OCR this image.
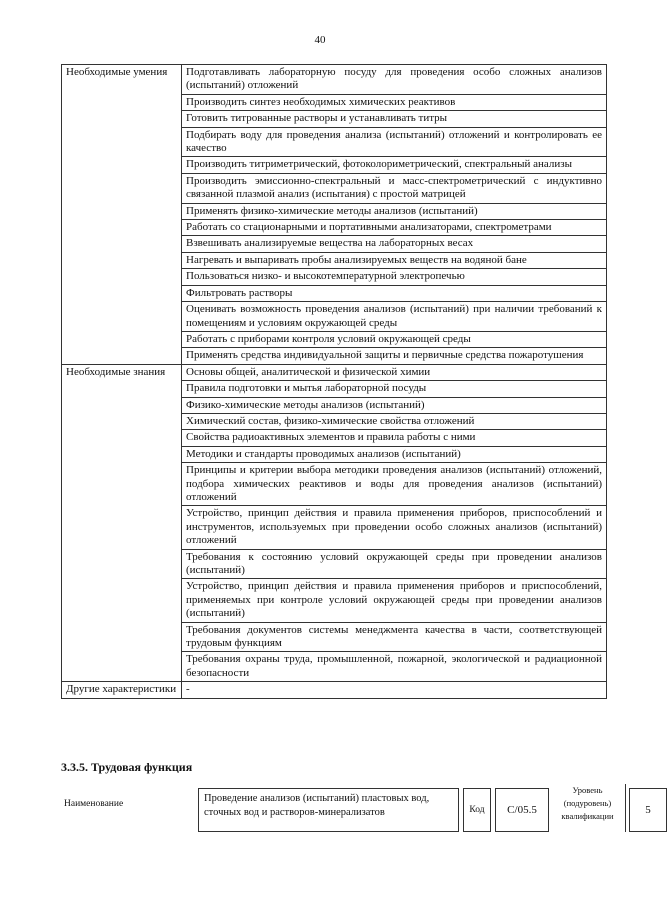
40
Необходимые умения	Подготавливать лабораторную посуду для проведения особо сложных анализов (испытаний) отложений
	Производить синтез необходимых химических реактивов
	Готовить титрованные растворы и устанавливать титры
	Подбирать воду для проведения анализа (испытаний) отложений и контролировать ее качество
	Производить титриметрический, фотоколориметрический, спектральный анализы
	Производить эмиссионно-спектральный и масс-спектрометрический с индуктивно связанной плазмой анализ (испытания) с простой матрицей
	Применять физико-химические методы анализов (испытаний)
	Работать со стационарными и портативными анализаторами, спектрометрами
	Взвешивать анализируемые вещества на лабораторных весах
	Нагревать и выпаривать пробы анализируемых веществ на водяной бане
	Пользоваться низко- и высокотемпературной электропечью
	Фильтровать растворы
	Оценивать возможность проведения анализов (испытаний) при наличии требований к помещениям и условиям окружающей среды
	Работать с приборами контроля условий окружающей среды
	Применять средства индивидуальной защиты и первичные средства пожаротушения
Необходимые знания	Основы общей, аналитической и физической химии
	Правила подготовки и мытья лабораторной посуды
	Физико-химические методы анализов (испытаний)
	Химический состав, физико-химические свойства отложений
	Свойства радиоактивных элементов и правила работы с ними
	Методики и стандарты проводимых анализов (испытаний)
	Принципы и критерии выбора методики проведения анализов (испытаний) отложений, подбора химических реактивов и воды для проведения анализов (испытаний) отложений
	Устройство, принцип действия и правила применения приборов, приспособлений и инструментов, используемых при проведении особо сложных анализов (испытаний) отложений
	Требования к состоянию условий окружающей среды при проведении анализов (испытаний)
	Устройство, принцип действия и правила применения приборов и приспособлений, применяемых при контроле условий окружающей среды при проведении анализов (испытаний)
	Требования документов системы менеджмента качества в части, соответствующей трудовым функциям
	Требования охраны труда, промышленной, пожарной, экологической и радиационной безопасности
Другие характеристики	-
3.3.5. Трудовая функция
Наименование	Проведение анализов (испытаний) пластовых вод, сточных вод и растворов-минерализатов	Код	C/05.5
Уровень (подуровень) квалификации	5
